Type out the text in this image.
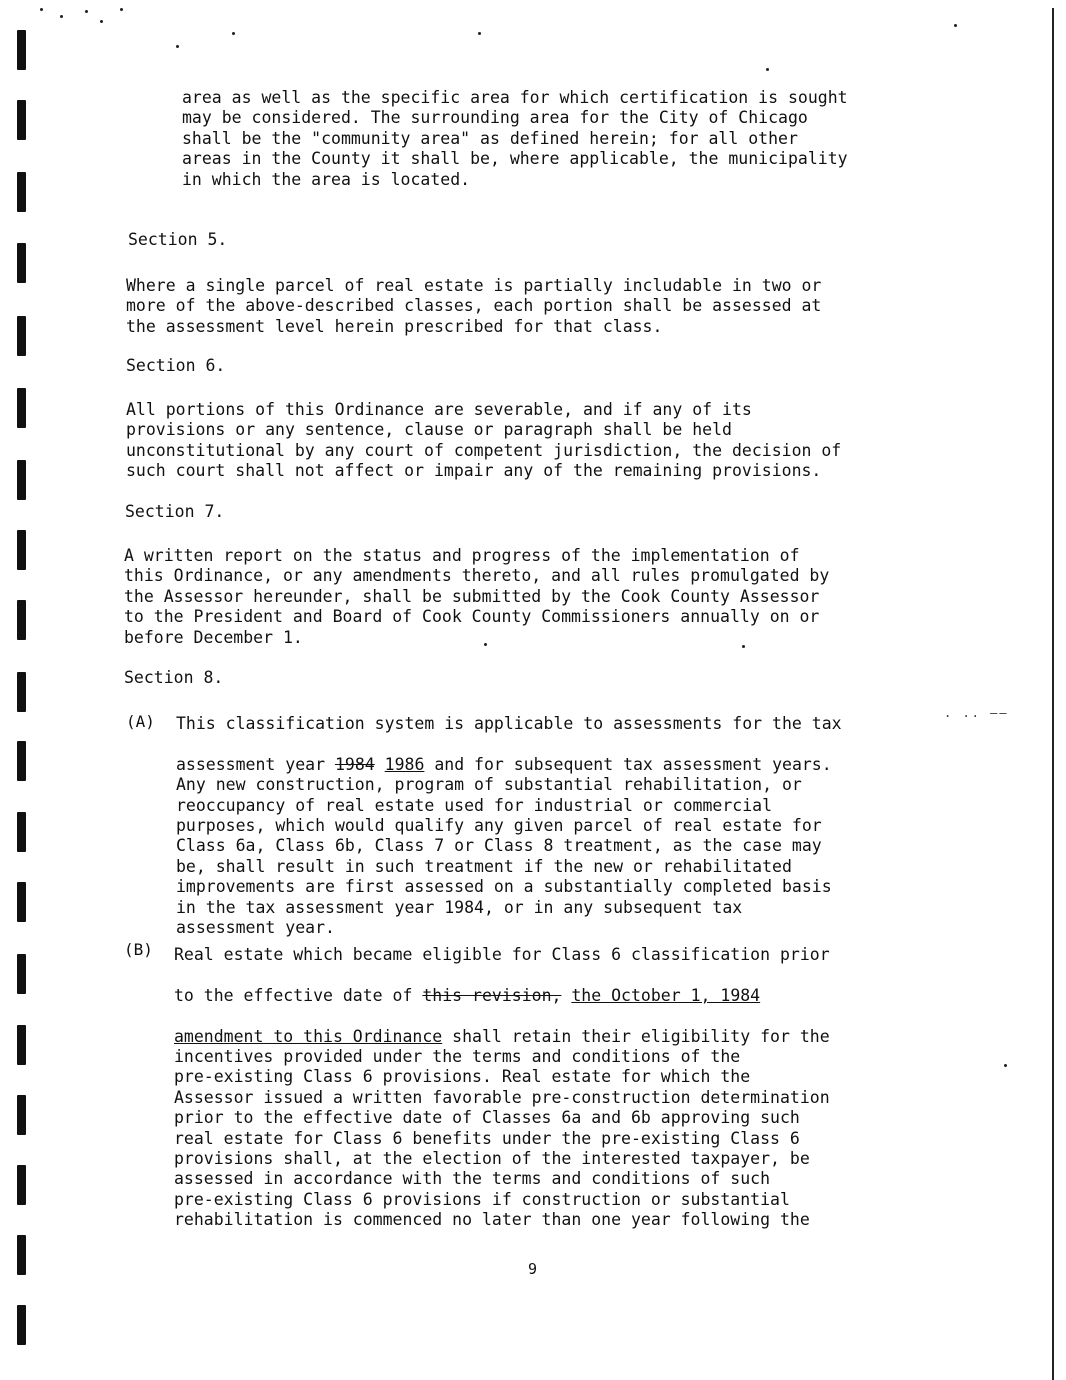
. .. ——

area as well as the specific area for which certification is sought
may be considered. The surrounding area for the City of Chicago
shall be the "community area" as defined herein; for all other
areas in the County it shall be, where applicable, the municipality
in which the area is located.

Section 5.

Where a single parcel of real estate is partially includable in two or
more of the above-described classes, each portion shall be assessed at
the assessment level herein prescribed for that class.

Section 6.

All portions of this Ordinance are severable, and if any of its
provisions or any sentence, clause or paragraph shall be held
unconstitutional by any court of competent jurisdiction, the decision of
such court shall not affect or impair any of the remaining provisions.

Section 7.

A written report on the status and progress of the implementation of
this Ordinance, or any amendments thereto, and all rules promulgated by
the Assessor hereunder, shall be submitted by the Cook County Assessor
to the President and Board of Cook County Commissioners annually on or
before December 1.

Section 8.
(A) This classification system is applicable to assessments for the tax

assessment year 1984 1986 and for subsequent tax assessment years.

Any new construction, program of substantial rehabilitation, or
reoccupancy of real estate used for industrial or commercial
purposes, which would qualify any given parcel of real estate for
Class 6a, Class 6b, Class 7 or Class 8 treatment, as the case may
be, shall result in such treatment if the new or rehabilitated
improvements are first assessed on a substantially completed basis
in the tax assessment year 1984, or in any subsequent tax
assessment year.

(B) Real estate which became eligible for Class 6 classification prior

to the effective date of this revision, the October 1, 1984

amendment to this Ordinance shall retain their eligibility for the

incentives provided under the terms and conditions of the
pre-existing Class 6 provisions. Real estate for which the
Assessor issued a written favorable pre-construction determination
prior to the effective date of Classes 6a and 6b approving such
real estate for Class 6 benefits under the pre-existing Class 6
provisions shall, at the election of the interested taxpayer, be
assessed in accordance with the terms and conditions of such
pre-existing Class 6 provisions if construction or substantial
rehabilitation is commenced no later than one year following the

9
